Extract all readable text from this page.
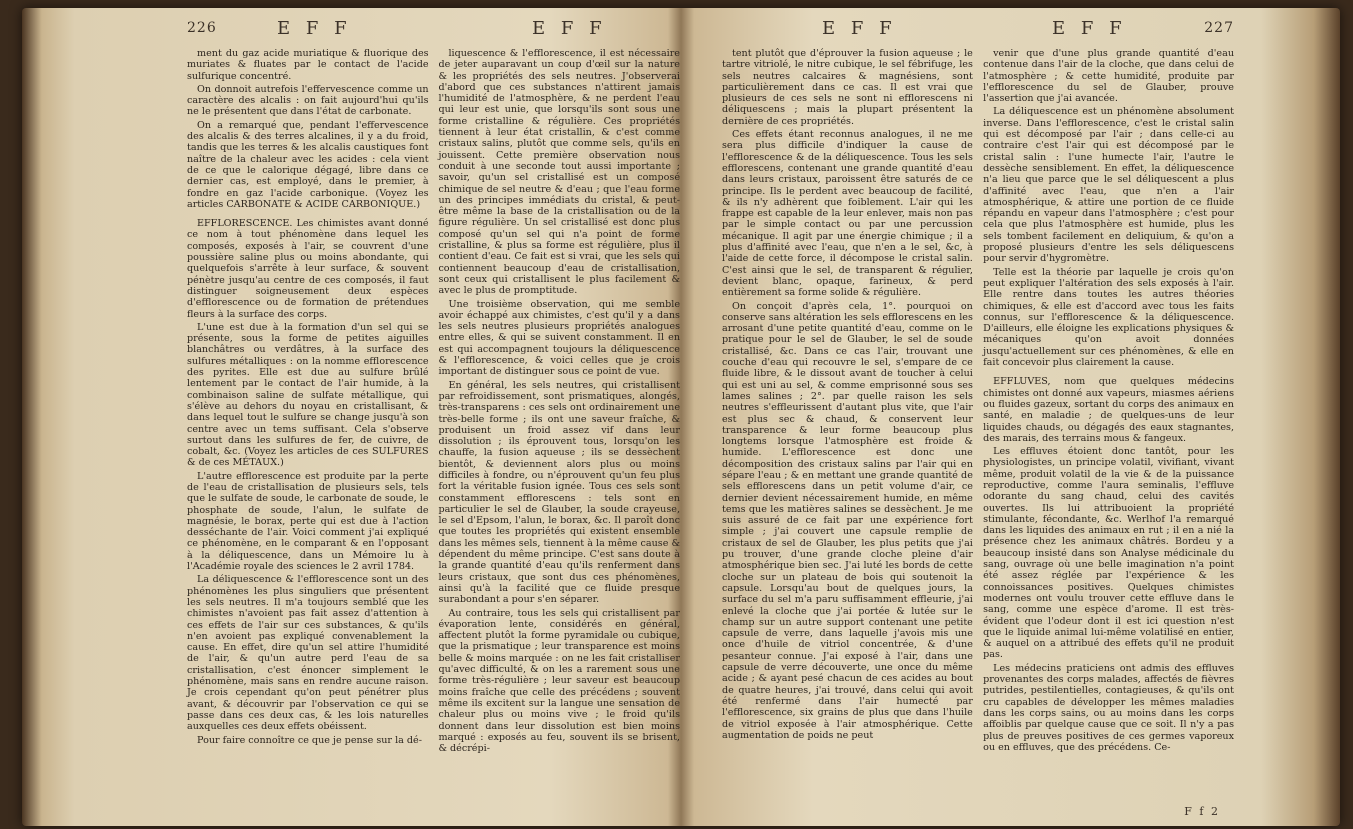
226	E F F	E F F

ment du gaz acide muriatique & fluorique des muriates & fluates par le contact de l'acide sulfurique concentré.

On donnoit autrefois l'effervescence comme un caractère des alcalis : on fait aujourd'hui qu'ils ne le présentent que dans l'état de carbonate.

On a remarqué que, pendant l'effervescence des alcalis & des terres alcalines, il y a du froid, tandis que les terres & les alcalis caustiques font naître de la chaleur avec les acides : cela vient de ce que le calorique dégagé, libre dans ce dernier cas, est employé, dans le premier, à fondre en gaz l'acide carbonique. (Voyez les articles CARBONATE & ACIDE CARBONIQUE.)

EFFLORESCENCE. Les chimistes avant donné ce nom à tout phénomène dans lequel les composés, exposés à l'air, se couvrent d'une poussière saline plus ou moins abondante, qui quelquefois s'arrête à leur surface, & souvent pénètre jusqu'au centre de ces composés, il faut distinguer soigneusement deux espèces d'efflorescence ou de formation de prétendues fleurs à la surface des corps.

L'une est due à la formation d'un sel qui se présente, sous la forme de petites aiguilles blanchâtres ou verdâtres, à la surface des sulfures métalliques : on la nomme efflorescence des pyrites. Elle est due au sulfure brûlé lentement par le contact de l'air humide, à la combinaison saline de sulfate métallique, qui s'élève au dehors du noyau en cristallisant, & dans lequel tout le sulfure se change jusqu'à son centre avec un tems suffisant. Cela s'observe surtout dans les sulfures de fer, de cuivre, de cobalt, &c. (Voyez les articles de ces SULFURES & de ces MÉTAUX.)

L'autre efflorescence est produite par la perte de l'eau de cristallisation de plusieurs sels, tels que le sulfate de soude, le carbonate de soude, le phosphate de soude, l'alun, le sulfate de magnésie, le borax, perte qui est due à l'action desséchante de l'air. Voici comment j'ai expliqué ce phénomène, en le comparant & en l'opposant à la déliquescence, dans un Mémoire lu à l'Académie royale des sciences le 2 avril 1784.

La déliquescence & l'efflorescence sont un des phénomènes les plus singuliers que présentent les sels neutres. Il m'a toujours semblé que les chimistes n'avoient pas fait assez d'attention à ces effets de l'air sur ces substances, & qu'ils n'en avoient pas expliqué convenablement la cause. En effet, dire qu'un sel attire l'humidité de l'air, & qu'un autre perd l'eau de sa cristallisation, c'est énoncer simplement le phénomène, mais sans en rendre aucune raison. Je crois cependant qu'on peut pénétrer plus avant, & découvrir par l'observation ce qui se passe dans ces deux cas, & les lois naturelles auxquelles ces deux effets obéissent.

Pour faire connoître ce que je pense sur la dé-

liquescence & l'efflorescence, il est nécessaire de jeter auparavant un coup d'œil sur la nature & les propriétés des sels neutres. J'observerai d'abord que ces substances n'attirent jamais l'humidité de l'atmosphère, & ne perdent l'eau qui leur est unie, que lorsqu'ils sont sous une forme cristalline & régulière. Ces propriétés tiennent à leur état cristallin, & c'est comme cristaux salins, plutôt que comme sels, qu'ils en jouissent. Cette première observation nous conduit à une seconde tout aussi importante ; savoir, qu'un sel cristallisé est un composé chimique de sel neutre & d'eau ; que l'eau forme un des principes immédiats du cristal, & peut-être même la base de la cristallisation ou de la figure régulière. Un sel cristallisé est donc plus composé qu'un sel qui n'a point de forme cristalline, & plus sa forme est régulière, plus il contient d'eau. Ce fait est si vrai, que les sels qui contiennent beaucoup d'eau de cristallisation, sont ceux qui cristallisent le plus facilement & avec le plus de promptitude.

Une troisième observation, qui me semble avoir échappé aux chimistes, c'est qu'il y a dans les sels neutres plusieurs propriétés analogues entre elles, & qui se suivent constamment. Il en est qui accompagnent toujours la déliquescence & l'efflorescence, & voici celles que je crois important de distinguer sous ce point de vue.

En général, les sels neutres, qui cristallisent par refroidissement, sont prismatiques, alongés, très-transparens : ces sels ont ordinairement une très-belle forme ; ils ont une saveur fraîche, & produisent un froid assez vif dans leur dissolution ; ils éprouvent tous, lorsqu'on les chauffe, la fusion aqueuse ; ils se dessèchent bientôt, & deviennent alors plus ou moins difficiles à fondre, ou n'éprouvent qu'un feu plus fort la véritable fusion ignée. Tous ces sels sont constamment efflorescens : tels sont en particulier le sel de Glauber, la soude crayeuse, le sel d'Epsom, l'alun, le borax, &c. Il paroît donc que toutes les propriétés qui existent ensemble dans les mêmes sels, tiennent à la même cause & dépendent du même principe. C'est sans doute à la grande quantité d'eau qu'ils renferment dans leurs cristaux, que sont dus ces phénomènes, ainsi qu'à la facilité que ce fluide presque surabondant a pour s'en séparer.

Au contraire, tous les sels qui cristallisent par évaporation lente, considérés en général, affectent plutôt la forme pyramidale ou cubique, que la prismatique ; leur transparence est moins belle & moins marquée : on ne les fait cristalliser qu'avec difficulté, & on les a rarement sous une forme très-régulière ; leur saveur est beaucoup moins fraîche que celle des précédens ; souvent même ils excitent sur la langue une sensation de chaleur plus ou moins vive ; le froid qu'ils donnent dans leur dissolution est bien moins marqué : exposés au feu, souvent ils se brisent, & décrépi-

E F F	E F F	227

tent plutôt que d'éprouver la fusion aqueuse ; le tartre vitriolé, le nitre cubique, le sel fébrifuge, les sels neutres calcaires & magnésiens, sont particulièrement dans ce cas. Il est vrai que plusieurs de ces sels ne sont ni efflorescens ni déliquescens ; mais la plupart présentent la dernière de ces propriétés.

Ces effets étant reconnus analogues, il ne me sera plus difficile d'indiquer la cause de l'efflorescence & de la déliquescence. Tous les sels efflorescens, contenant une grande quantité d'eau dans leurs cristaux, paroissent être saturés de ce principe. Ils le perdent avec beaucoup de facilité, & ils n'y adhèrent que foiblement. L'air qui les frappe est capable de la leur enlever, mais non pas par le simple contact ou par une percussion mécanique. Il agit par une énergie chimique ; il a plus d'affinité avec l'eau, que n'en a le sel, &c, à l'aide de cette force, il décompose le cristal salin. C'est ainsi que le sel, de transparent & régulier, devient blanc, opaque, farineux, & perd entièrement sa forme solide & régulière.

On conçoit d'après cela, 1°. pourquoi on conserve sans altération les sels efflorescens en les arrosant d'une petite quantité d'eau, comme on le pratique pour le sel de Glauber, le sel de soude cristallisé, &c. Dans ce cas l'air, trouvant une couche d'eau qui recouvre le sel, s'empare de ce fluide libre, & le dissout avant de toucher à celui qui est uni au sel, & comme emprisonné sous ses lames salines ; 2°. par quelle raison les sels neutres s'effleurissent d'autant plus vite, que l'air est plus sec & chaud, & conservent leur transparence & leur forme beaucoup plus longtems lorsque l'atmosphère est froide & humide. L'efflorescence est donc une décomposition des cristaux salins par l'air qui en sépare l'eau ; & en mettant une grande quantité de sels efflorescens dans un petit volume d'air, ce dernier devient nécessairement humide, en même tems que les matières salines se dessèchent. Je me suis assuré de ce fait par une expérience fort simple ; j'ai couvert une capsule remplie de cristaux de sel de Glauber, les plus petits que j'ai pu trouver, d'une grande cloche pleine d'air atmosphérique bien sec. J'ai luté les bords de cette cloche sur un plateau de bois qui soutenoit la capsule. Lorsqu'au bout de quelques jours, la surface du sel m'a paru suffisamment effleurie, j'ai enlevé la cloche que j'ai portée & lutée sur le champ sur un autre support contenant une petite capsule de verre, dans laquelle j'avois mis une once d'huile de vitriol concentrée, & d'une pesanteur connue. J'ai exposé à l'air, dans une capsule de verre découverte, une once du même acide ; & ayant pesé chacun de ces acides au bout de quatre heures, j'ai trouvé, dans celui qui avoit été renfermé dans l'air humecté par l'efflorescence, six grains de plus que dans l'huile de vitriol exposée à l'air atmosphérique. Cette augmentation de poids ne peut

venir que d'une plus grande quantité d'eau contenue dans l'air de la cloche, que dans celui de l'atmosphère ; & cette humidité, produite par l'efflorescence du sel de Glauber, prouve l'assertion que j'ai avancée.

La déliquescence est un phénomène absolument inverse. Dans l'efflorescence, c'est le cristal salin qui est décomposé par l'air ; dans celle-ci au contraire c'est l'air qui est décomposé par le cristal salin : l'une humecte l'air, l'autre le dessèche sensiblement. En effet, la déliquescence n'a lieu que parce que le sel déliquescent a plus d'affinité avec l'eau, que n'en a l'air atmosphérique, & attire une portion de ce fluide répandu en vapeur dans l'atmosphère ; c'est pour cela que plus l'atmosphère est humide, plus les sels tombent facilement en deliquium, & qu'on a proposé plusieurs d'entre les sels déliquescens pour servir d'hygromètre.

Telle est la théorie par laquelle je crois qu'on peut expliquer l'altération des sels exposés à l'air. Elle rentre dans toutes les autres théories chimiques, & elle est d'accord avec tous les faits connus, sur l'efflorescence & la déliquescence. D'ailleurs, elle éloigne les explications physiques & mécaniques qu'on avoit données jusqu'actuellement sur ces phénomènes, & elle en fait concevoir plus clairement la cause.

EFFLUVES, nom que quelques médecins chimistes ont donné aux vapeurs, miasmes aériens ou fluides gazeux, sortant du corps des animaux en santé, en maladie ; de quelques-uns de leur liquides chauds, ou dégagés des eaux stagnantes, des marais, des terrains mous & fangeux.

Les effluves étoient donc tantôt, pour les physiologistes, un principe volatil, vivifiant, vivant même, produit volatil de la vie & de la puissance reproductive, comme l'aura seminalis, l'effluve odorante du sang chaud, celui des cavités ouvertes. Ils lui attribuoient la propriété stimulante, fécondante, &c. Werlhof l'a remarqué dans les liquides des animaux en rut ; il en a nié la présence chez les animaux châtrés. Bordeu y a beaucoup insisté dans son Analyse médicinale du sang, ouvrage où une belle imagination n'a point été assez réglée par l'expérience & les connoissances positives. Quelques chimistes modernes ont voulu trouver cette effluve dans le sang, comme une espèce d'arome. Il est très-évident que l'odeur dont il est ici question n'est que le liquide animal lui-même volatilisé en entier, & auquel on a attribué des effets qu'il ne produit pas.

Les médecins praticiens ont admis des effluves provenantes des corps malades, affectés de fièvres putrides, pestilentielles, contagieuses, & qu'ils ont cru capables de développer les mêmes maladies dans les corps sains, ou au moins dans les corps affoiblis par quelque cause que ce soit. Il n'y a pas plus de preuves positives de ces germes vaporeux ou en effluves, que des précédens. Ce-

F f 2
